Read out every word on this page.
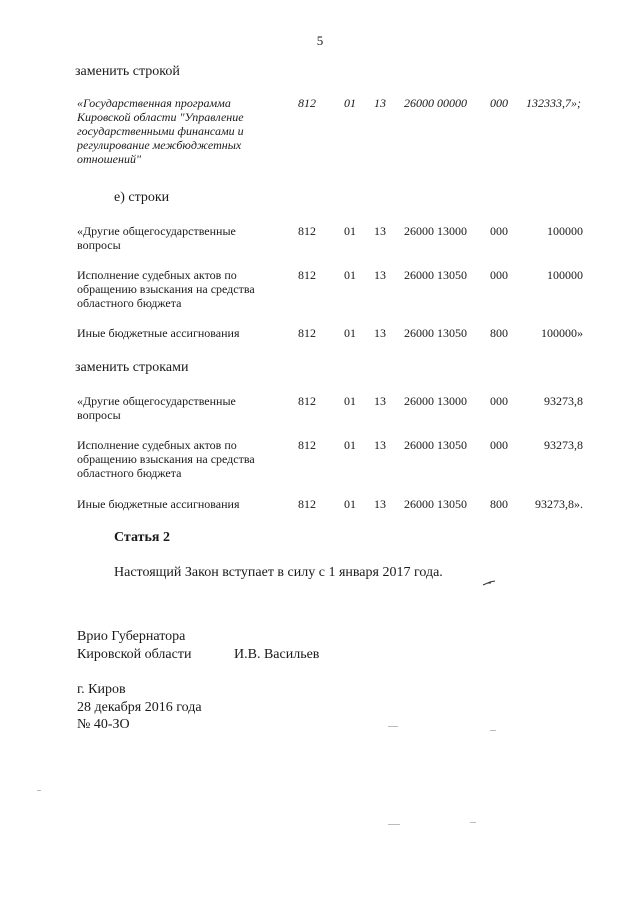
5
заменить строкой
«Государственная программа Кировской области "Управление государственными финансами и регулирование межбюджетных отношений"
812 01 13 26000 00000 000 132333,7»;
е) строки
«Другие общегосударственные вопросы
812 01 13 26000 13000 000	100000
Исполнение судебных актов по обращению взыскания на средства областного бюджета
812 01 13 26000 13050 000	100000
Иные бюджетные ассигнования	812 01 13 26000 13050 800	100000»
заменить строками
«Другие общегосударственные вопросы
812 01 13 26000 13000 000	93273,8
Исполнение судебных актов по обращению взыскания на средства областного бюджета
812 01 13 26000 13050 000	93273,8
Иные бюджетные ассигнования	812 01 13 26000 13050 800	93273,8».
Статья 2
Настоящий Закон вступает в силу с 1 января 2017 года.
Врио Губернатора
Кировской области	И.В. Васильев
г. Киров
28 декабря 2016 года
№ 40-ЗО
